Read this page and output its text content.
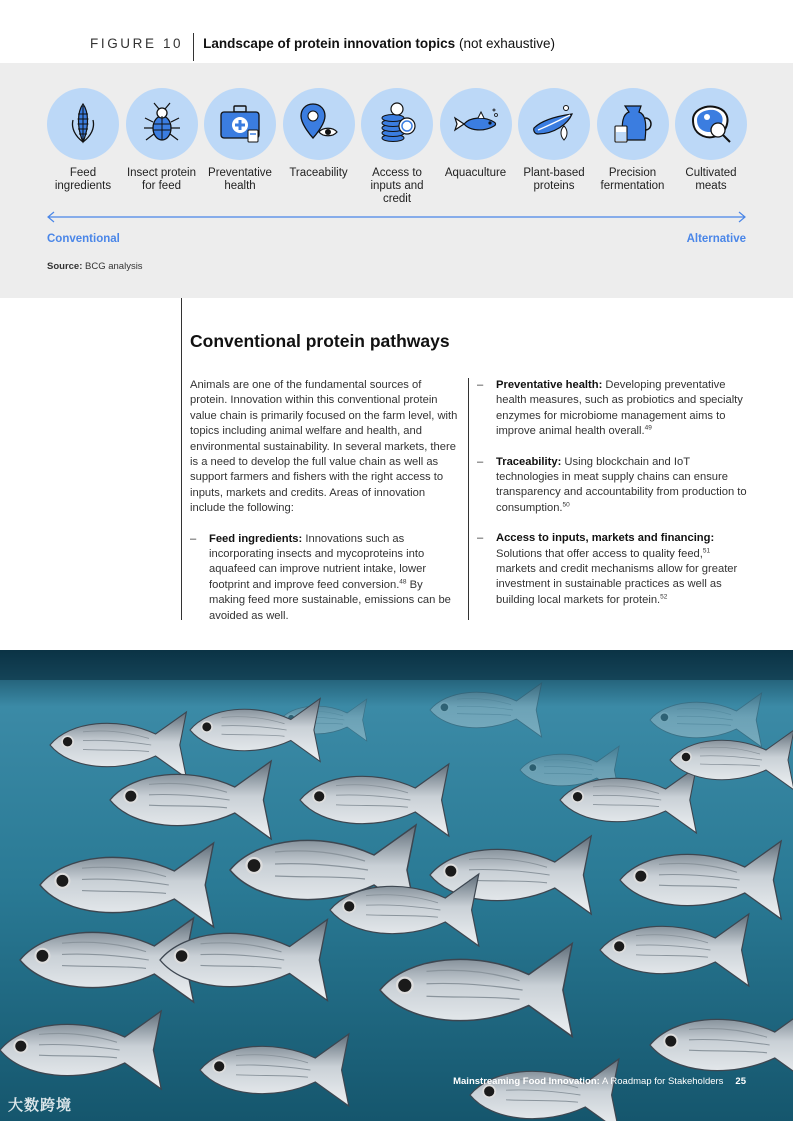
FIGURE 10 Landscape of protein innovation topics (not exhaustive)
Feed ingredients
Insect protein for feed
Preventative health
Traceability	Access to inputs and credit
Aquaculture	Plant-based proteins
Precision fermentation
Cultivated meats
Conventional	Alternative
Source: BCG analysis
Conventional protein pathways

Animals are one of the fundamental sources of protein. Innovation within this conventional protein value chain is primarily focused on the farm level, with topics including animal welfare and health, and environmental sustainability. In several markets, there is a need to develop the full value chain as well as support farmers and fishers with the right access to inputs, markets and credits. Areas of innovation include the following:

– Feed ingredients: Innovations such as incorporating insects and mycoproteins into aquafeed can improve nutrient intake, lower footprint and improve feed conversion.$^{48}$ By making feed more sustainable, emissions can be avoided as well.
– Preventative health: Developing preventative health measures, such as probiotics and specialty enzymes for microbiome management aims to improve animal health overall.$^{49}$
– Traceability: Using blockchain and IoT technologies in meat supply chains can ensure transparency and accountability from production to consumption.$^{50}$
– Access to inputs, markets and financing: Solutions that offer access to quality feed,$^{51}$ markets and credit mechanisms allow for greater investment in sustainable practices as well as building local markets for protein.$^{52}$
大数跨境
Mainstreaming Food Innovation: A Roadmap for Stakeholders 25
